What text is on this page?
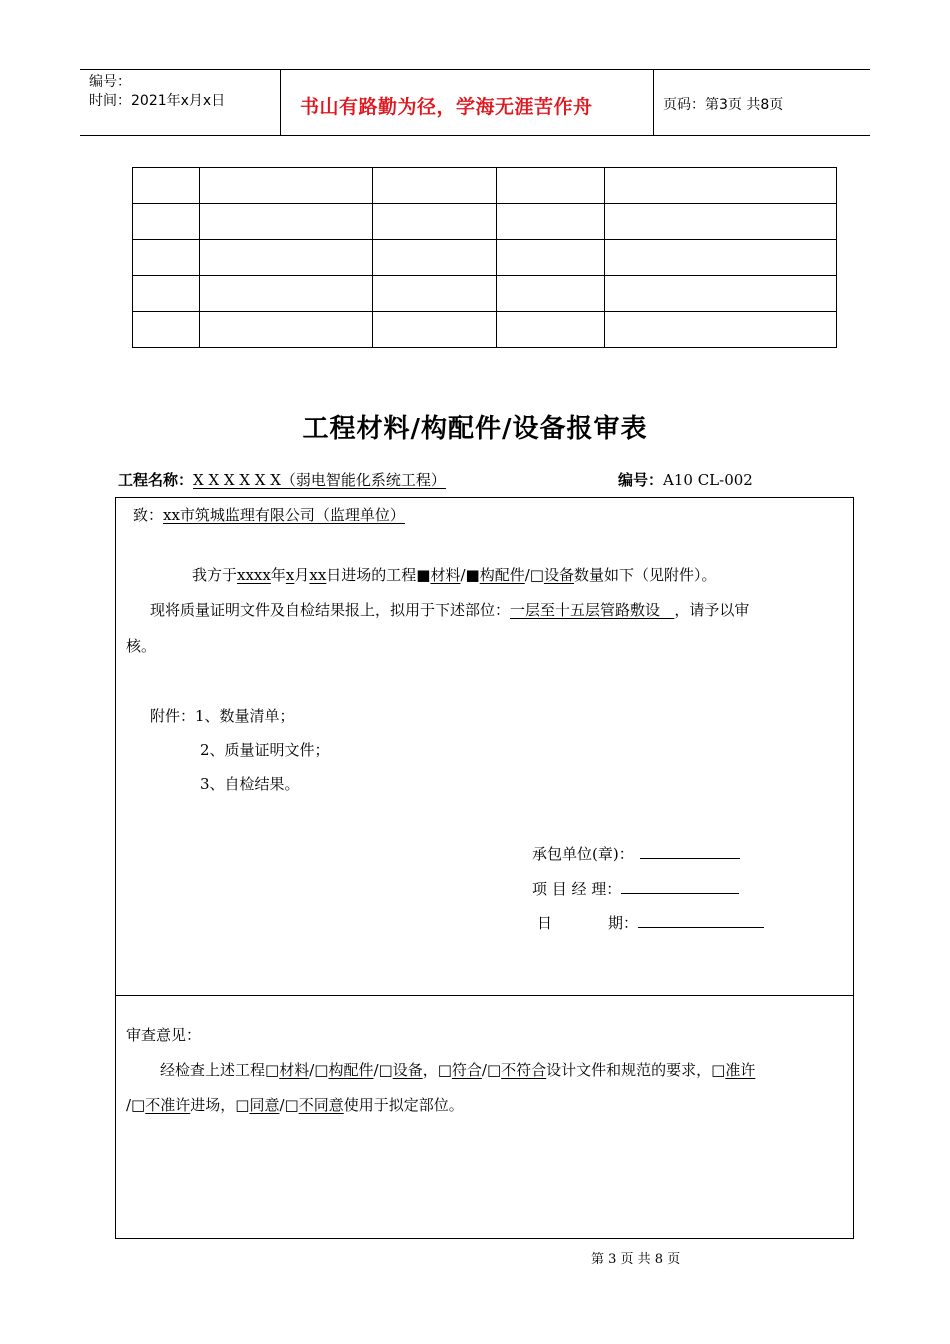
编号：
时间：2021年x月x日	书山有路勤为径，学海无涯苦作舟	页码：第3页 共8页

工程材料/构配件/设备报审表
工程名称：X X X X X X（弱电智能化系统工程）	编号：A10 CL-002
致：xx市筑城监理有限公司（监理单位）
我方于xxxx年x月xx日进场的工程■材料/■构配件/□设备数量如下（见附件）。
现将质量证明文件及自检结果报上，拟用于下述部位：一层至十五层管路敷设 ，请予以审
核。
附件：1、数量清单；
2、质量证明文件；
3、自检结果。
承包单位(章)：
项 目 经 理：
日	期：
审查意见：
经检查上述工程□材料/□构配件/□设备，□符合/□不符合设计文件和规范的要求，□准许
/□不准许进场，□同意/□不同意使用于拟定部位。
第 3 页 共 8 页
